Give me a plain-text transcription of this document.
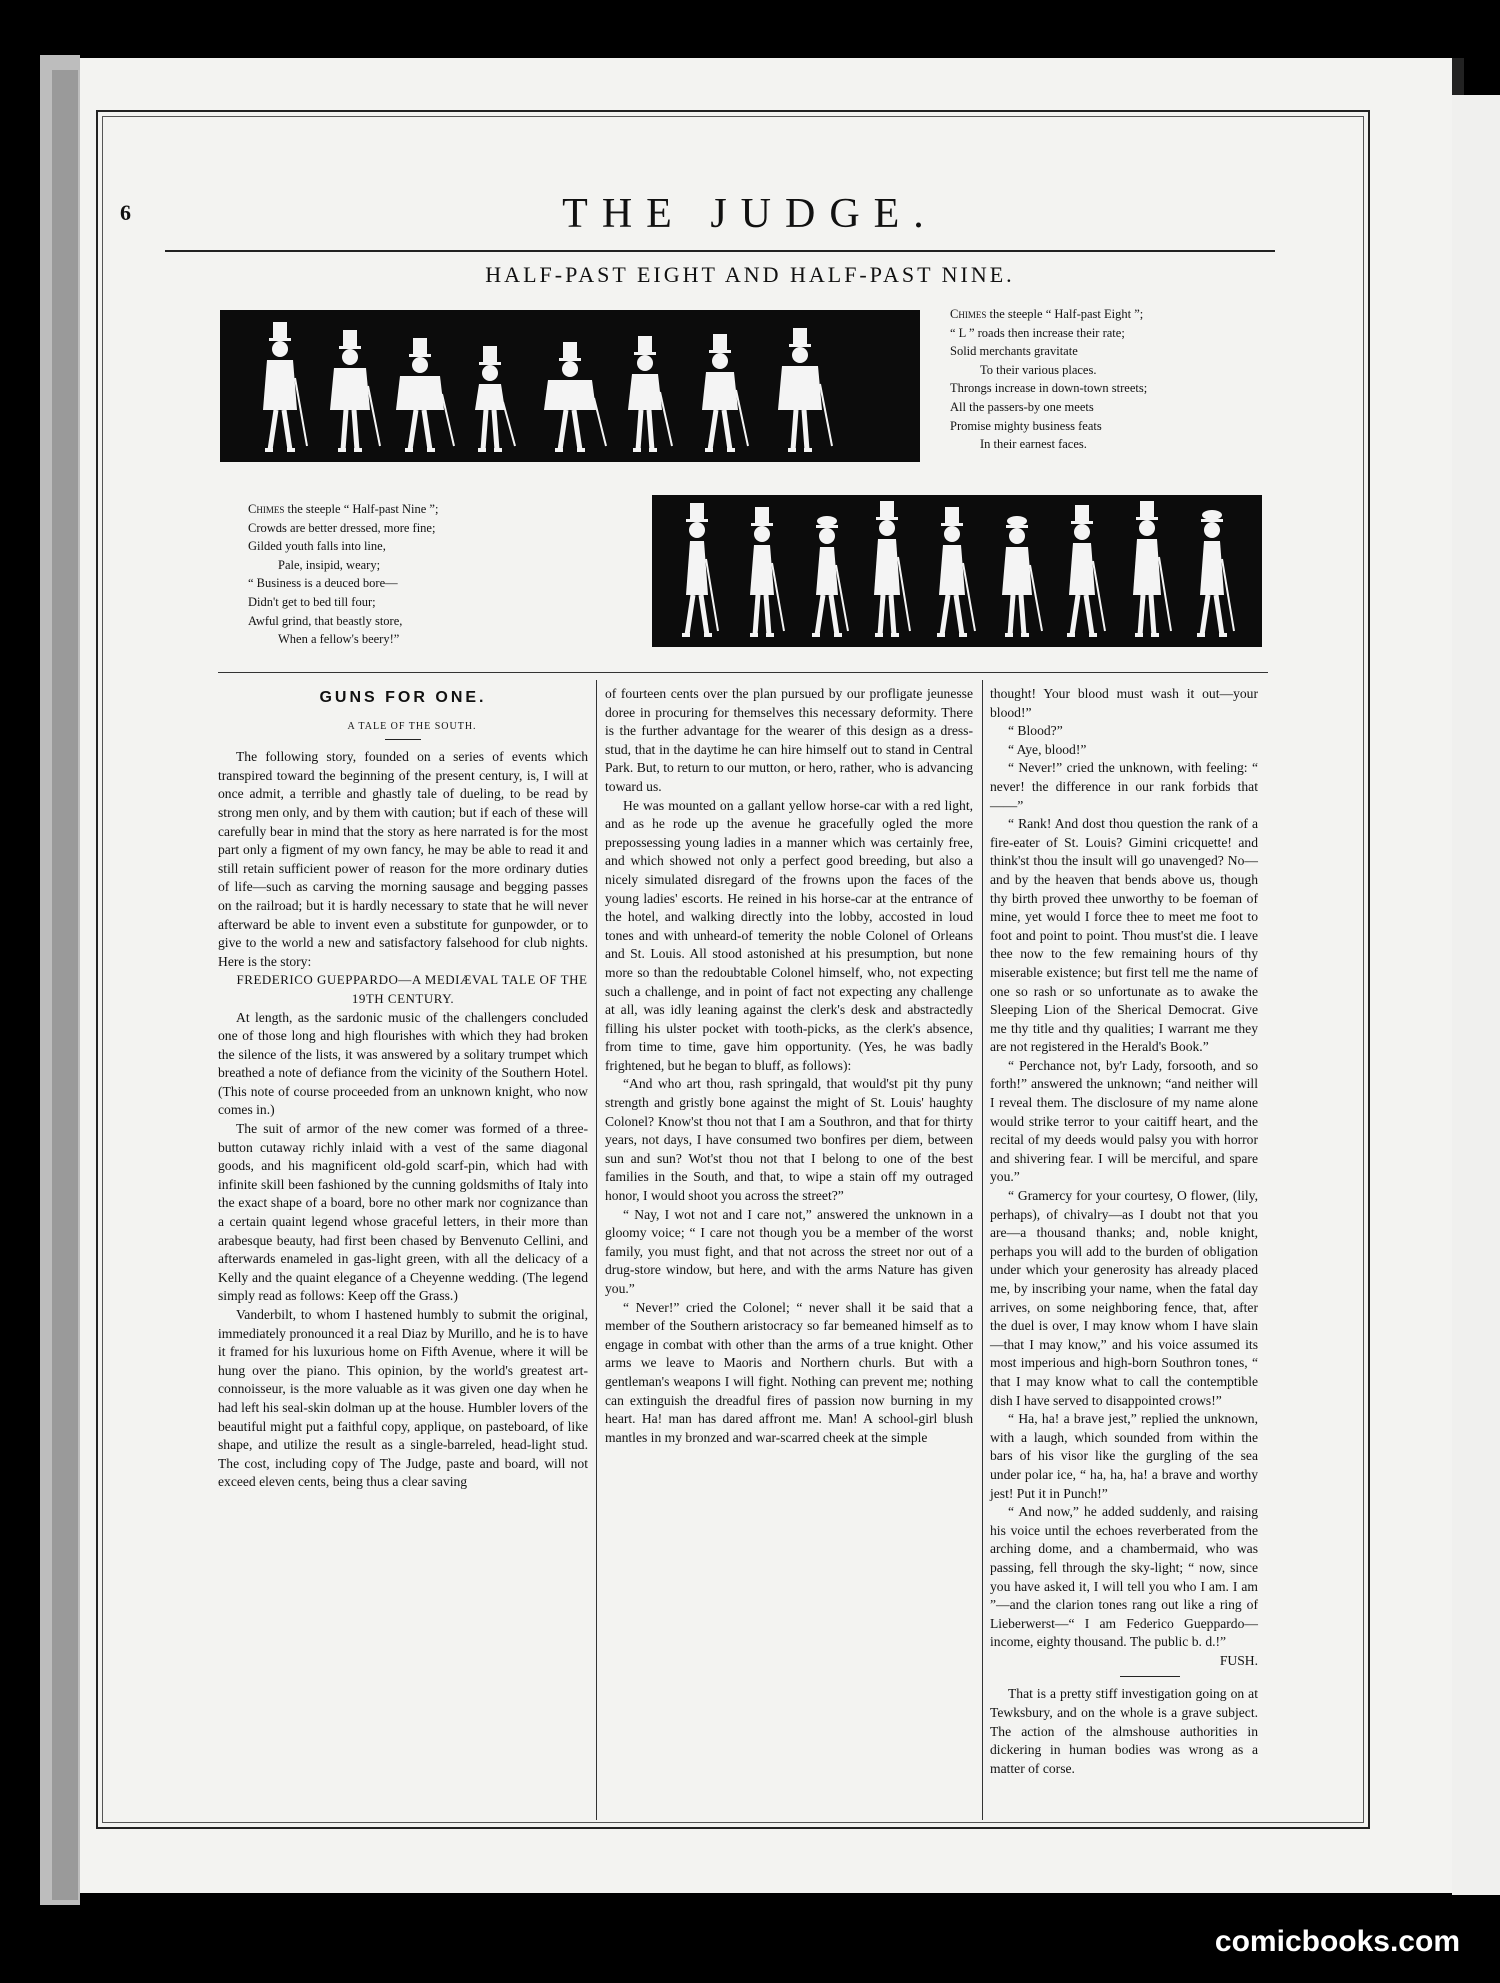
6	THE JUDGE.
HALF-PAST EIGHT AND HALF-PAST NINE.
Chimes the steeple “ Half-past Eight ”;
“ L ” roads then increase their rate;
Solid merchants gravitate
To their various places.
Throngs increase in down-town streets;
All the passers-by one meets
Promise mighty business feats
In their earnest faces.
Chimes the steeple “ Half-past Nine ”;
Crowds are better dressed, more fine;
Gilded youth falls into line,
Pale, insipid, weary;
“ Business is a deuced bore—
Didn't get to bed till four;
Awful grind, that beastly store,
When a fellow's beery!”
GUNS FOR ONE.

A TALE OF THE SOUTH.

The following story, founded on a series of events which transpired toward the beginning of the present century, is, I will at once admit, a terrible and ghastly tale of dueling, to be read by strong men only, and by them with caution; but if each of these will carefully bear in mind that the story as here narrated is for the most part only a figment of my own fancy, he may be able to read it and still retain sufficient power of reason for the more ordinary duties of life—such as carving the morning sausage and begging passes on the railroad; but it is hardly necessary to state that he will never afterward be able to invent even a substitute for gunpowder, or to give to the world a new and satisfactory falsehood for club nights. Here is the story:

FREDERICO GUEPPARDO—A MEDIÆVAL TALE OF THE 19TH CENTURY.

At length, as the sardonic music of the challengers concluded one of those long and high flourishes with which they had broken the silence of the lists, it was answered by a solitary trumpet which breathed a note of defiance from the vicinity of the Southern Hotel. (This note of course proceeded from an unknown knight, who now comes in.)

The suit of armor of the new comer was formed of a three-button cutaway richly inlaid with a vest of the same diagonal goods, and his magnificent old-gold scarf-pin, which had with infinite skill been fashioned by the cunning goldsmiths of Italy into the exact shape of a board, bore no other mark nor cognizance than a certain quaint legend whose graceful letters, in their more than arabesque beauty, had first been chased by Benvenuto Cellini, and afterwards enameled in gas-light green, with all the delicacy of a Kelly and the quaint elegance of a Cheyenne wedding. (The legend simply read as follows: Keep off the Grass.)

Vanderbilt, to whom I hastened humbly to submit the original, immediately pronounced it a real Diaz by Murillo, and he is to have it framed for his luxurious home on Fifth Avenue, where it will be hung over the piano. This opinion, by the world's greatest art-connoisseur, is the more valuable as it was given one day when he had left his seal-skin dolman up at the house. Humbler lovers of the beautiful might put a faithful copy, applique, on pasteboard, of like shape, and utilize the result as a single-barreled, head-light stud. The cost, including copy of The Judge, paste and board, will not exceed eleven cents, being thus a clear saving

of fourteen cents over the plan pursued by our profligate jeunesse doree in procuring for themselves this necessary deformity. There is the further advantage for the wearer of this design as a dress-stud, that in the daytime he can hire himself out to stand in Central Park. But, to return to our mutton, or hero, rather, who is advancing toward us.

He was mounted on a gallant yellow horse-car with a red light, and as he rode up the avenue he gracefully ogled the more prepossessing young ladies in a manner which was certainly free, and which showed not only a perfect good breeding, but also a nicely simulated disregard of the frowns upon the faces of the young ladies' escorts. He reined in his horse-car at the entrance of the hotel, and walking directly into the lobby, accosted in loud tones and with unheard-of temerity the noble Colonel of Orleans and St. Louis. All stood astonished at his presumption, but none more so than the redoubtable Colonel himself, who, not expecting such a challenge, and in point of fact not expecting any challenge at all, was idly leaning against the clerk's desk and abstractedly filling his ulster pocket with tooth-picks, as the clerk's absence, from time to time, gave him opportunity. (Yes, he was badly frightened, but he began to bluff, as follows):

“And who art thou, rash springald, that would'st pit thy puny strength and gristly bone against the might of St. Louis' haughty Colonel? Know'st thou not that I am a Southron, and that for thirty years, not days, I have consumed two bonfires per diem, between sun and sun? Wot'st thou not that I belong to one of the best families in the South, and that, to wipe a stain off my outraged honor, I would shoot you across the street?”

“ Nay, I wot not and I care not,” answered the unknown in a gloomy voice; “ I care not though you be a member of the worst family, you must fight, and that not across the street nor out of a drug-store window, but here, and with the arms Nature has given you.”

“ Never!” cried the Colonel; “ never shall it be said that a member of the Southern aristocracy so far bemeaned himself as to engage in combat with other than the arms of a true knight. Other arms we leave to Maoris and Northern churls. But with a gentleman's weapons I will fight. Nothing can prevent me; nothing can extinguish the dreadful fires of passion now burning in my heart. Ha! man has dared affront me. Man! A school-girl blush mantles in my bronzed and war-scarred cheek at the simple

thought! Your blood must wash it out—your blood!”

“ Blood?”

“ Aye, blood!”

“ Never!” cried the unknown, with feeling: “ never! the difference in our rank forbids that——”

“ Rank! And dost thou question the rank of a fire-eater of St. Louis? Gimini cricquette! and think'st thou the insult will go unavenged? No—and by the heaven that bends above us, though thy birth proved thee unworthy to be foeman of mine, yet would I force thee to meet me foot to foot and point to point. Thou must'st die. I leave thee now to the few remaining hours of thy miserable existence; but first tell me the name of one so rash or so unfortunate as to awake the Sleeping Lion of the Sherical Democrat. Give me thy title and thy qualities; I warrant me they are not registered in the Herald's Book.”

“ Perchance not, by'r Lady, forsooth, and so forth!” answered the unknown; “and neither will I reveal them. The disclosure of my name alone would strike terror to your caitiff heart, and the recital of my deeds would palsy you with horror and shivering fear. I will be merciful, and spare you.”

“ Gramercy for your courtesy, O flower, (lily, perhaps), of chivalry—as I doubt not that you are—a thousand thanks; and, noble knight, perhaps you will add to the burden of obligation under which your generosity has already placed me, by inscribing your name, when the fatal day arrives, on some neighboring fence, that, after the duel is over, I may know whom I have slain—that I may know,” and his voice assumed its most imperious and high-born Southron tones, “ that I may know what to call the contemptible dish I have served to disappointed crows!”

“ Ha, ha! a brave jest,” replied the unknown, with a laugh, which sounded from within the bars of his visor like the gurgling of the sea under polar ice, “ ha, ha, ha! a brave and worthy jest! Put it in Punch!”

“ And now,” he added suddenly, and raising his voice until the echoes reverberated from the arching dome, and a chambermaid, who was passing, fell through the sky-light; “ now, since you have asked it, I will tell you who I am. I am ”—and the clarion tones rang out like a ring of Lieberwerst—“ I am Federico Gueppardo—income, eighty thousand. The public b. d.!”

FUSH.

That is a pretty stiff investigation going on at Tewksbury, and on the whole is a grave subject. The action of the almshouse authorities in dickering in human bodies was wrong as a matter of corse.

comicbooks.com
